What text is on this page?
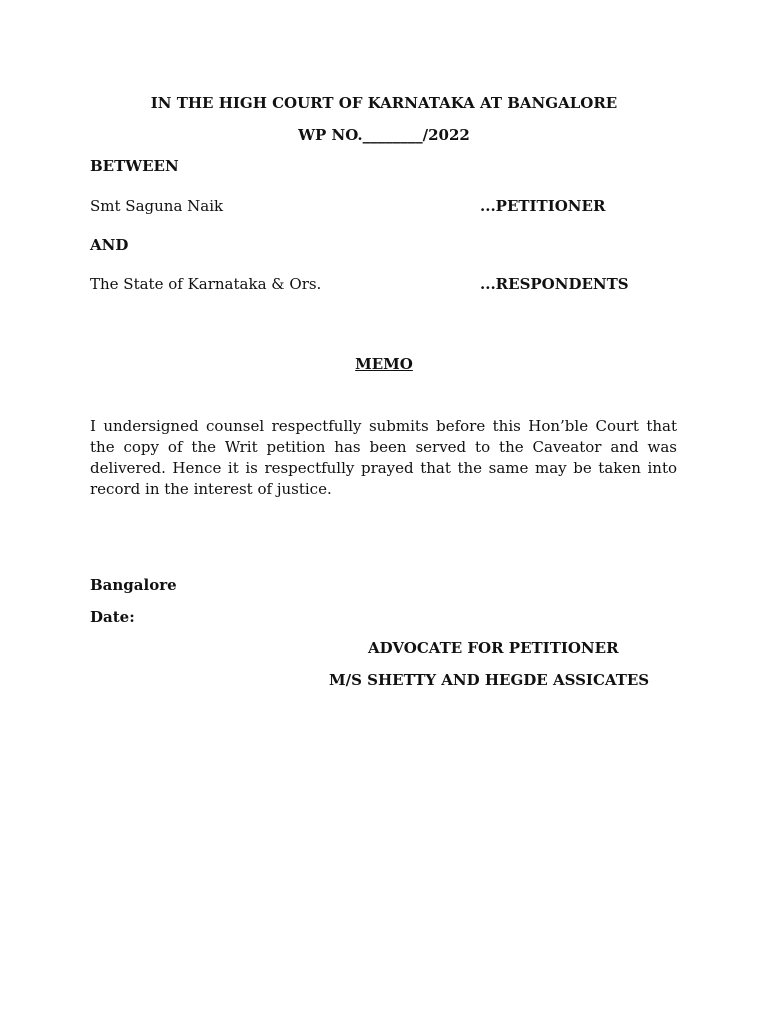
IN THE HIGH COURT OF KARNATAKA AT BANGALORE
WP NO.________/2022
BETWEEN
Smt Saguna Naik	...PETITIONER
AND
The State of Karnataka & Ors.	...RESPONDENTS
MEMO
I undersigned counsel respectfully submits before this Hon’ble Court that the copy of the Writ petition has been served to the Caveator and was delivered. Hence it is respectfully prayed that the same may be taken into record in the interest of justice.
Bangalore
Date:
ADVOCATE FOR PETITIONER
M/S SHETTY AND HEGDE ASSICATES
